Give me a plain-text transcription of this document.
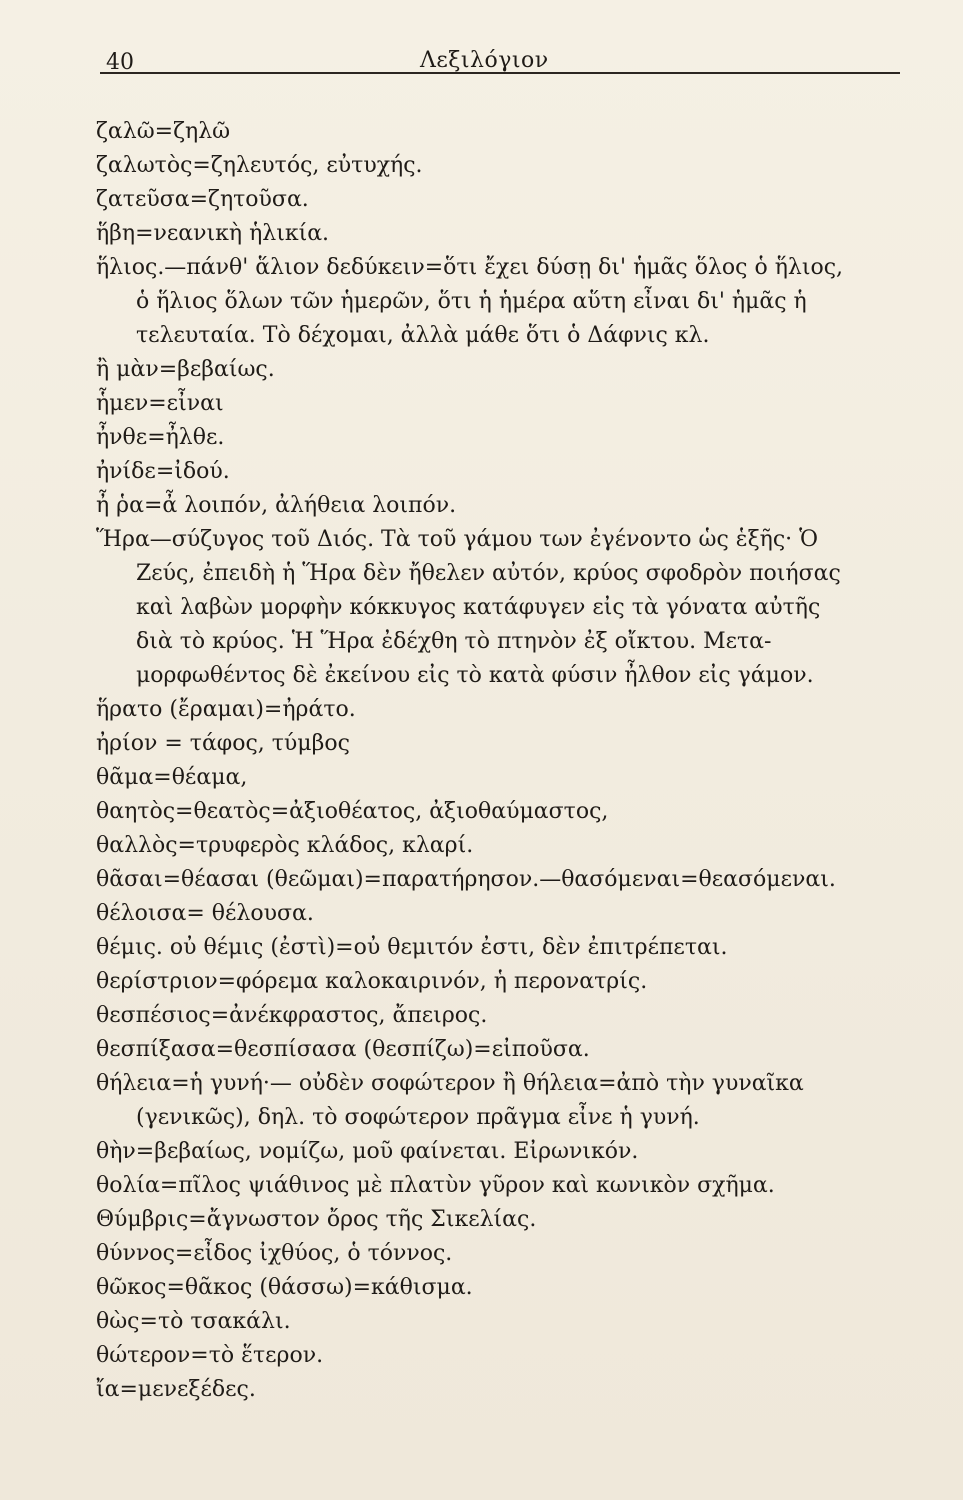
40	Λεξιλόγιον
ζαλῶ=ζηλῶ
ζαλωτὸς=ζηλευτός, εὐτυχής.
ζατεῦσα=ζητοῦσα.
ἥβη=νεανικὴ ἡλικία.
ἥλιος.—πάνθ' ἅλιον δεδύκειν=ὅτι ἔχει δύσῃ δι' ἡμᾶς ὅλος ὁ ἥλιος,
ὁ ἥλιος ὅλων τῶν ἡμερῶν, ὅτι ἡ ἡμέρα αὕτη εἶναι δι' ἡμᾶς ἡ
τελευταία. Τὸ δέχομαι, ἀλλὰ μάθε ὅτι ὁ Δάφνις κλ.
ἢ μὰν=βεβαίως.
ἧμεν=εἶναι
ἦνθε=ἦλθε.
ἠνίδε=ἰδού.
ἦ ῥα=ἆ λοιπόν, ἀλήθεια λοιπόν.
Ἥρα—σύζυγος τοῦ Διός. Τὰ τοῦ γάμου των ἐγένοντο ὡς ἑξῆς· Ὁ
Ζεύς, ἐπειδὴ ἡ Ἥρα δὲν ἤθελεν αὐτόν, κρύος σφοδρὸν ποιήσας
καὶ λαβὼν μορφὴν κόκκυγος κατάφυγεν εἰς τὰ γόνατα αὐτῆς
διὰ τὸ κρύος. Ἡ Ἥρα ἐδέχθη τὸ πτηνὸν ἐξ οἴκτου. Μετα-
μορφωθέντος δὲ ἐκείνου εἰς τὸ κατὰ φύσιν ἦλθον εἰς γάμον.
ἥρατο (ἔραμαι)=ἠράτο.
ἠρίον = τάφος, τύμβος
θᾶμα=θέαμα,
θαητὸς=θεατὸς=ἀξιοθέατος, ἀξιοθαύμαστος,
θαλλὸς=τρυφερὸς κλάδος, κλαρί.
θᾶσαι=θέασαι (θεῶμαι)=παρατήρησον.—θασόμεναι=θεασόμεναι.
θέλοισα= θέλουσα.
θέμις. οὐ θέμις (ἐστὶ)=οὐ θεμιτόν ἐστι, δὲν ἐπιτρέπεται.
θερίστριον=φόρεμα καλοκαιρινόν, ἡ περονατρίς.
θεσπέσιος=ἀνέκφραστος, ἄπειρος.
θεσπίξασα=θεσπίσασα (θεσπίζω)=εἰποῦσα.
θήλεια=ἡ γυνή·— οὐδὲν σοφώτερον ἢ θήλεια=ἀπὸ τὴν γυναῖκα
(γενικῶς), δηλ. τὸ σοφώτερον πρᾶγμα εἶνε ἡ γυνή.
θὴν=βεβαίως, νομίζω, μοῦ φαίνεται. Εἰρωνικόν.
θολία=πῖλος ψιάθινος μὲ πλατὺν γῦρον καὶ κωνικὸν σχῆμα.
Θύμβρις=ἄγνωστον ὄρος τῆς Σικελίας.
θύννος=εἶδος ἰχθύος, ὁ τόννος.
θῶκος=θᾶκος (θάσσω)=κάθισμα.
θὼς=τὸ τσακάλι.
θώτερον=τὸ ἕτερον.
ἴα=μενεξέδες.
